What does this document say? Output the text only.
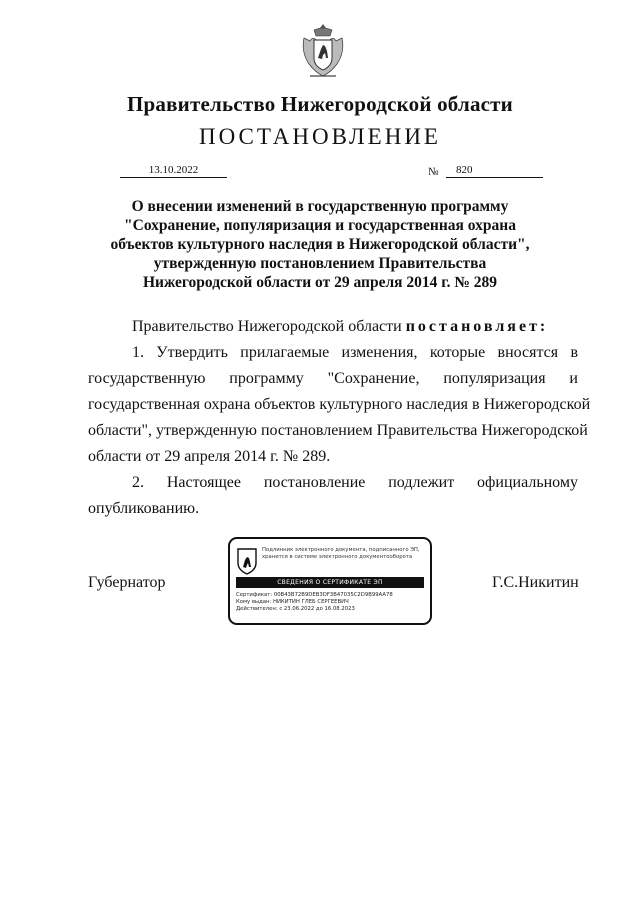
Правительство Нижегородской области
ПОСТАНОВЛЕНИЕ
13.10.2022	№	820
О внесении изменений в государственную программу
"Сохранение, популяризация и государственная охрана
объектов культурного наследия в Нижегородской области",
утвержденную постановлением Правительства
Нижегородской области от 29 апреля 2014 г. № 289

Правительство Нижегородской области постановляет:

1. Утвердить прилагаемые изменения, которые вносятся в
государственную программу "Сохранение, популяризация и
государственная охрана объектов культурного наследия в Нижегородской
области", утвержденную постановлением Правительства Нижегородской
области от 29 апреля 2014 г. № 289.

2. Настоящее постановление подлежит официальному
опубликованию.

Губернатор	Г.С.Никитин
Подлинник электронного документа, подписанного ЭП, хранится в системе электронного документооборота
СВЕДЕНИЯ О СЕРТИФИКАТЕ ЭП
Сертификат: 00B43B72B9DEB3DF3B47035C2D9B99AA78
Кому выдан: НИКИТИН ГЛЕБ СЕРГЕЕВИЧ
Действителен: с 23.06.2022 до 16.08.2023
